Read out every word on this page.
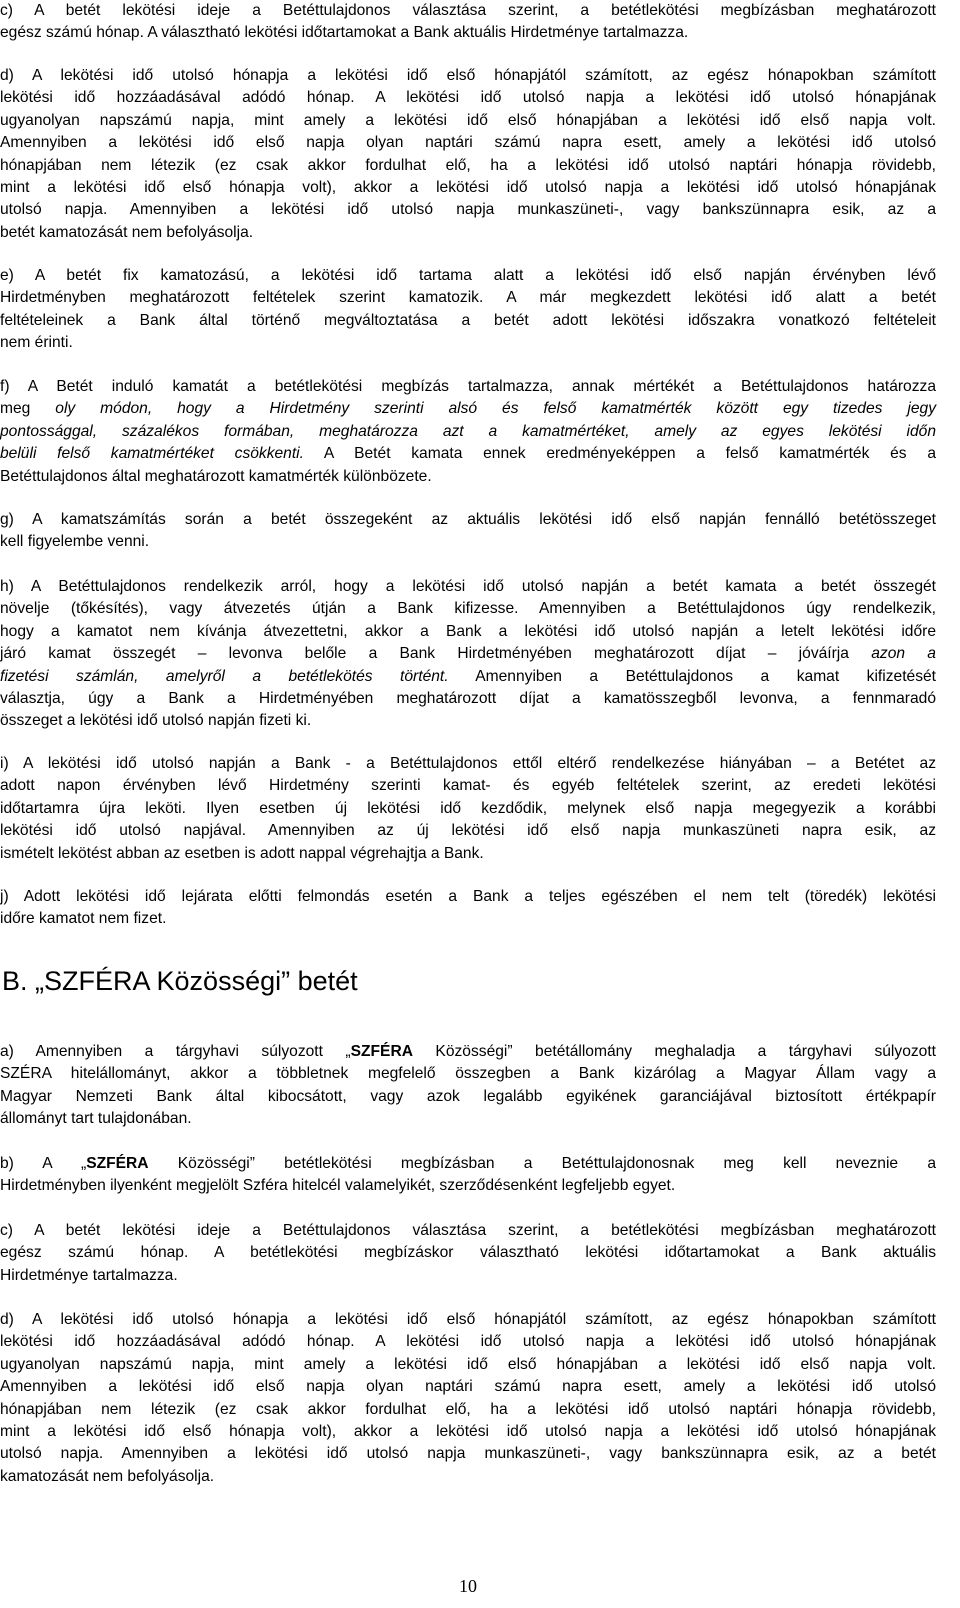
c) A betét lekötési ideje a Betéttulajdonos választása szerint, a betétlekötési megbízásban meghatározott
egész számú hónap. A választható lekötési időtartamokat a Bank aktuális Hirdetménye tartalmazza.
d) A lekötési idő utolsó hónapja a lekötési idő első hónapjától számított, az egész hónapokban számított
lekötési idő hozzáadásával adódó hónap. A lekötési idő utolsó napja a lekötési idő utolsó hónapjának
ugyanolyan napszámú napja, mint amely a lekötési idő első hónapjában a lekötési idő első napja volt.
Amennyiben a lekötési idő első napja olyan naptári számú napra esett, amely a lekötési idő utolsó
hónapjában nem létezik (ez csak akkor fordulhat elő, ha a lekötési idő utolsó naptári hónapja rövidebb,
mint a lekötési idő első hónapja volt), akkor a lekötési idő utolsó napja a lekötési idő utolsó hónapjának
utolsó napja. Amennyiben a lekötési idő utolsó napja munkaszüneti-, vagy bankszünnapra esik, az a
betét kamatozását nem befolyásolja.
e) A betét fix kamatozású, a lekötési idő tartama alatt a lekötési idő első napján érvényben lévő
Hirdetményben meghatározott feltételek szerint kamatozik. A már megkezdett lekötési idő alatt a betét
feltételeinek a Bank által történő megváltoztatása a betét adott lekötési időszakra vonatkozó feltételeit
nem érinti.
f) A Betét induló kamatát a betétlekötési megbízás tartalmazza, annak mértékét a Betéttulajdonos határozza
meg oly módon, hogy a Hirdetmény szerinti alsó és felső kamatmérték között egy tizedes jegy
pontossággal, százalékos formában, meghatározza azt a kamatmértéket, amely az egyes lekötési időn
belüli felső kamatmértéket csökkenti. A Betét kamata ennek eredményeképpen a felső kamatmérték és a
Betéttulajdonos által meghatározott kamatmérték különbözete.
g) A kamatszámítás során a betét összegeként az aktuális lekötési idő első napján fennálló betétösszeget
kell figyelembe venni.
h) A Betéttulajdonos rendelkezik arról, hogy a lekötési idő utolsó napján a betét kamata a betét összegét
növelje (tőkésítés), vagy átvezetés útján a Bank kifizesse. Amennyiben a Betéttulajdonos úgy rendelkezik,
hogy a kamatot nem kívánja átvezettetni, akkor a Bank a lekötési idő utolsó napján a letelt lekötési időre
járó kamat összegét – levonva belőle a Bank Hirdetményében meghatározott díjat – jóváírja azon a
fizetési számlán, amelyről a betétlekötés történt. Amennyiben a Betéttulajdonos a kamat kifizetését
választja, úgy a Bank a Hirdetményében meghatározott díjat a kamatösszegből levonva, a fennmaradó
összeget a lekötési idő utolsó napján fizeti ki.
i) A lekötési idő utolsó napján a Bank - a Betéttulajdonos ettől eltérő rendelkezése hiányában – a Betétet az
adott napon érvényben lévő Hirdetmény szerinti kamat- és egyéb feltételek szerint, az eredeti lekötési
időtartamra újra leköti. Ilyen esetben új lekötési idő kezdődik, melynek első napja megegyezik a korábbi
lekötési idő utolsó napjával. Amennyiben az új lekötési idő első napja munkaszüneti napra esik, az
ismételt lekötést abban az esetben is adott nappal végrehajtja a Bank.
j) Adott lekötési idő lejárata előtti felmondás esetén a Bank a teljes egészében el nem telt (töredék) lekötési
időre kamatot nem fizet.
B. „SZFÉRA Közösségi” betét
a) Amennyiben a tárgyhavi súlyozott „SZFÉRA Közösségi” betétállomány meghaladja a tárgyhavi súlyozott
SZÉRA hitelállományt, akkor a többletnek megfelelő összegben a Bank kizárólag a Magyar Állam vagy a
Magyar Nemzeti Bank által kibocsátott, vagy azok legalább egyikének garanciájával biztosított értékpapír
állományt tart tulajdonában.
b) A „SZFÉRA Közösségi” betétlekötési megbízásban a Betéttulajdonosnak meg kell neveznie a
Hirdetményben ilyenként megjelölt Szféra hitelcél valamelyikét, szerződésenként legfeljebb egyet.
c) A betét lekötési ideje a Betéttulajdonos választása szerint, a betétlekötési megbízásban meghatározott
egész számú hónap. A betétlekötési megbízáskor választható lekötési időtartamokat a Bank aktuális
Hirdetménye tartalmazza.
d) A lekötési idő utolsó hónapja a lekötési idő első hónapjától számított, az egész hónapokban számított
lekötési idő hozzáadásával adódó hónap. A lekötési idő utolsó napja a lekötési idő utolsó hónapjának
ugyanolyan napszámú napja, mint amely a lekötési idő első hónapjában a lekötési idő első napja volt.
Amennyiben a lekötési idő első napja olyan naptári számú napra esett, amely a lekötési idő utolsó
hónapjában nem létezik (ez csak akkor fordulhat elő, ha a lekötési idő utolsó naptári hónapja rövidebb,
mint a lekötési idő első hónapja volt), akkor a lekötési idő utolsó napja a lekötési idő utolsó hónapjának
utolsó napja. Amennyiben a lekötési idő utolsó napja munkaszüneti-, vagy bankszünnapra esik, az a betét
kamatozását nem befolyásolja.
10
